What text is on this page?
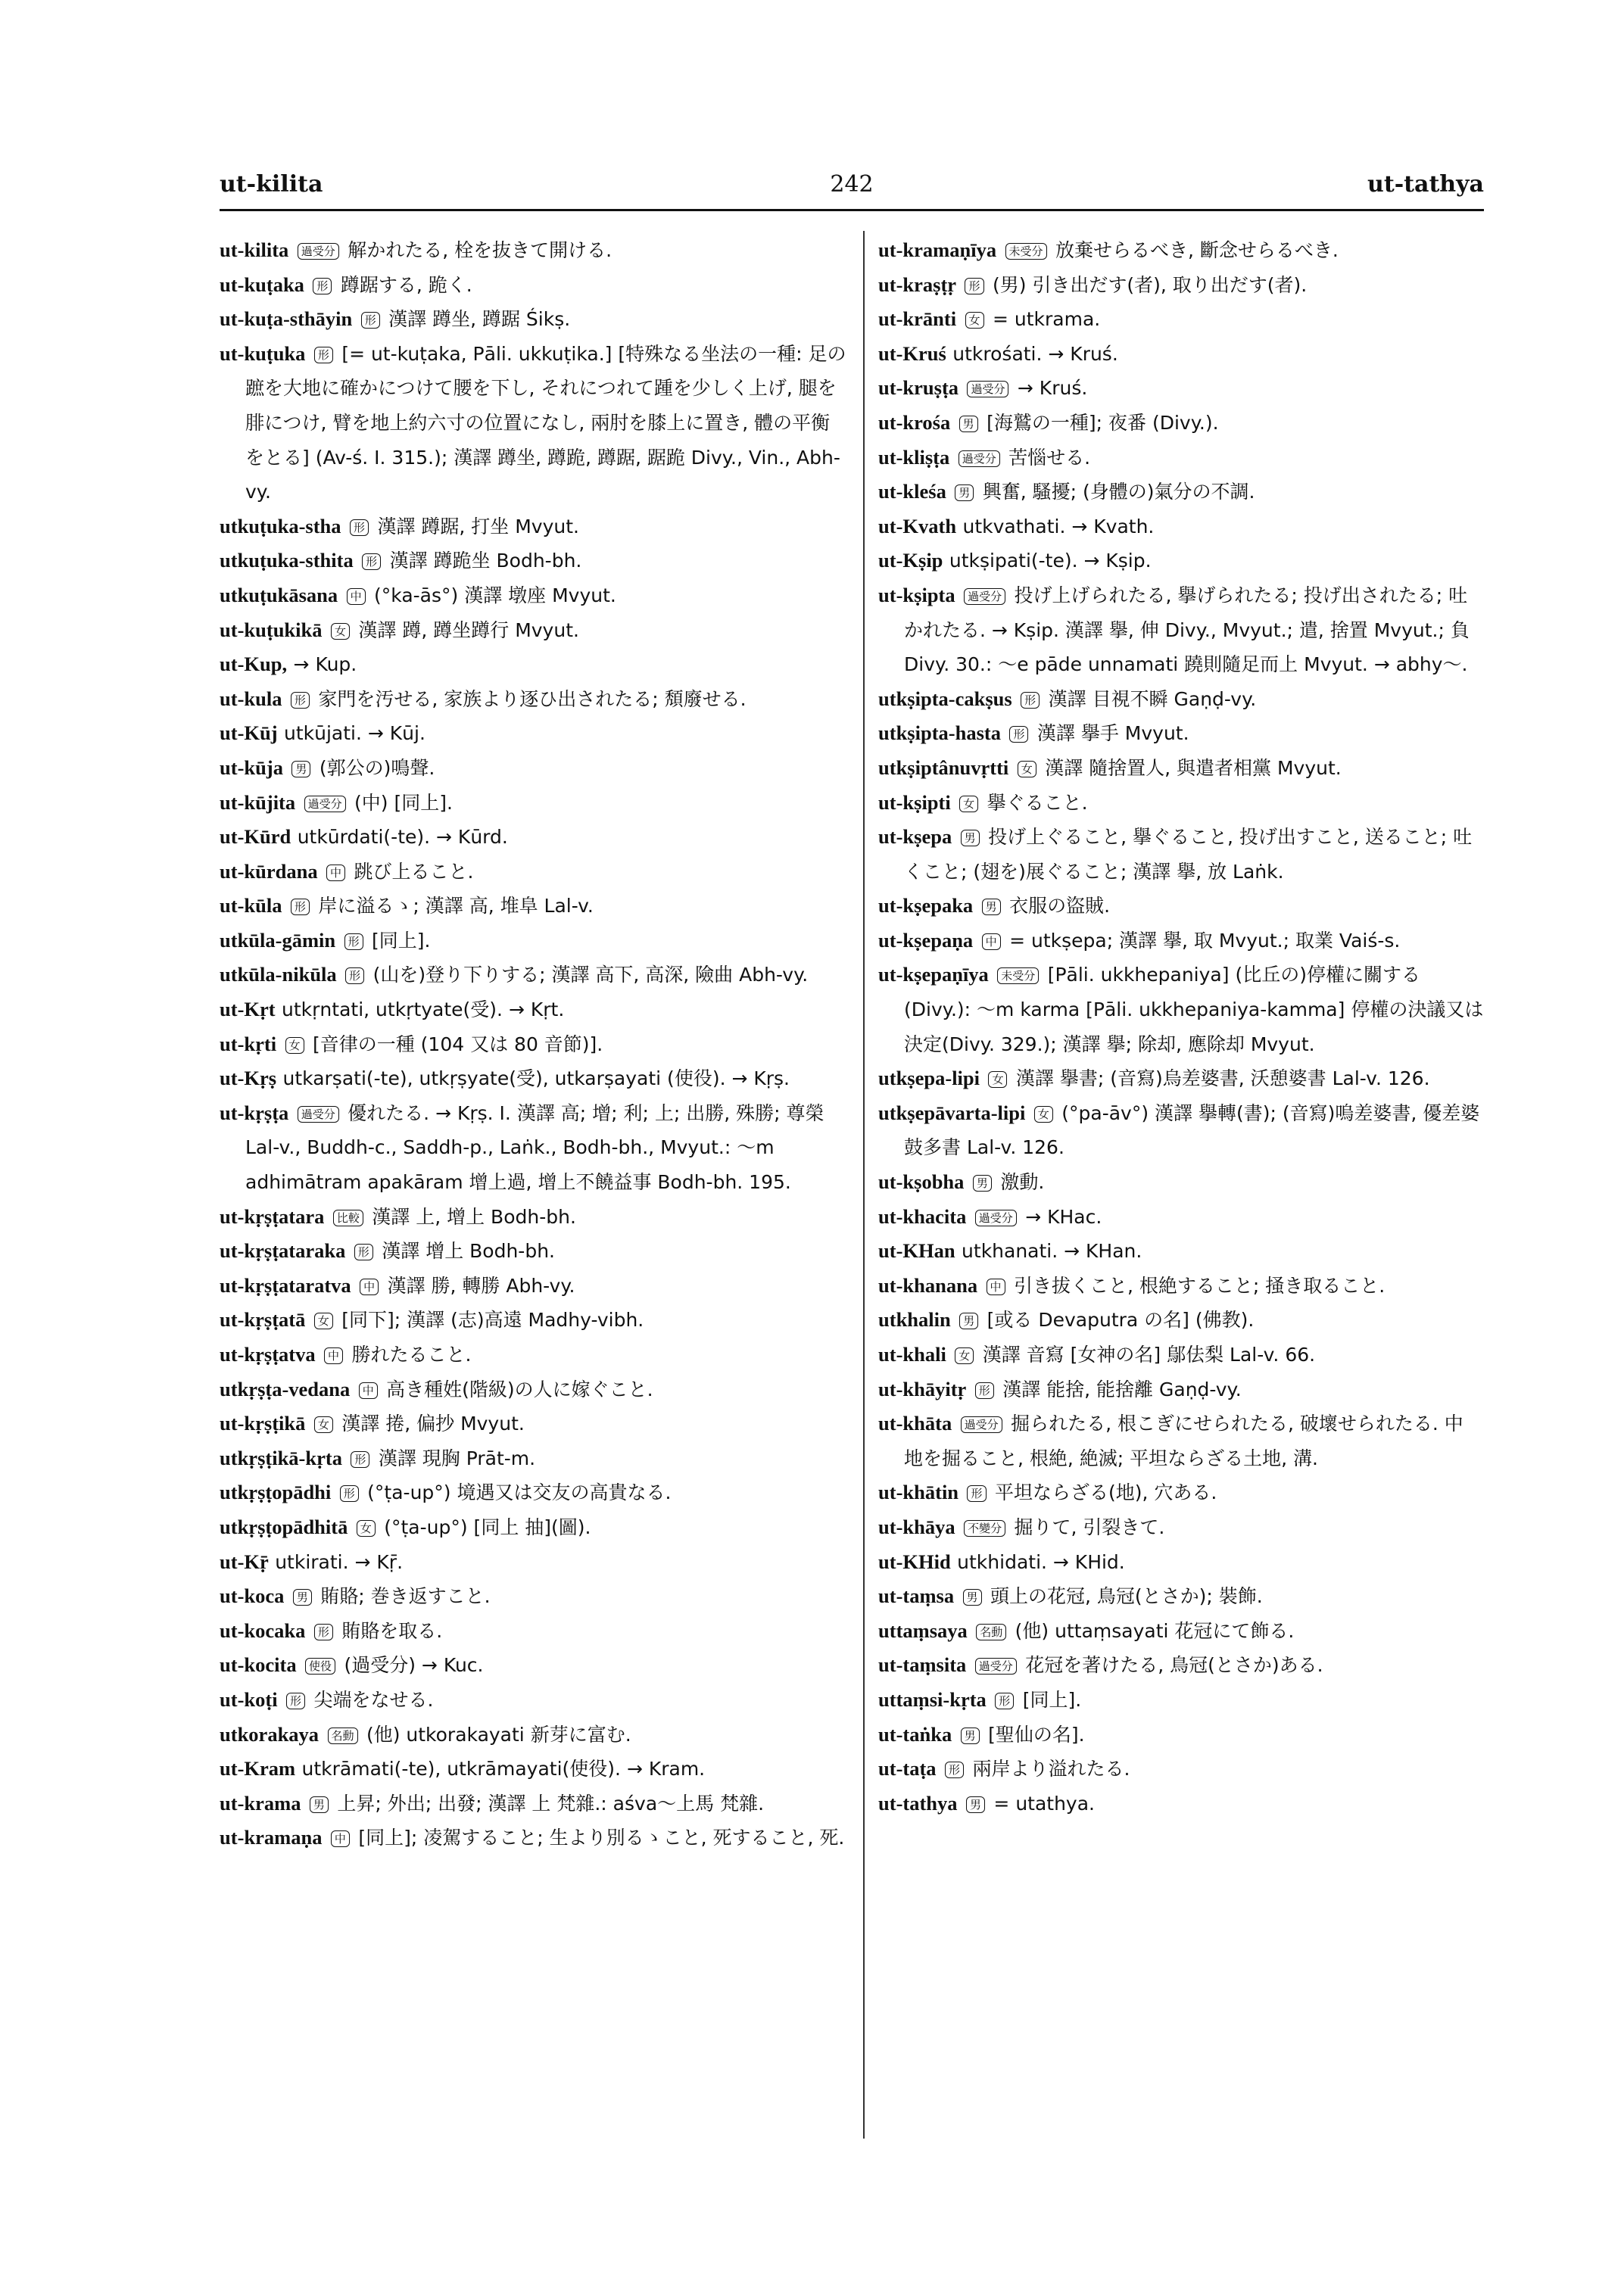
ut-kilita	242	ut-tathya
ut-kilita 過受分 解かれたる, 栓を抜きて開ける.
ut-kuṭaka 形 蹲踞する, 跪く.
ut-kuṭa-sthāyin 形 漢譯 蹲坐, 蹲踞 Śikṣ.
ut-kuṭuka 形 [= ut-kuṭaka, Pāli. ukkuṭika.] [特殊なる坐法の一種: 足の蹠を大地に確かにつけて腰を下し, それにつれて踵を少しく上げ, 腿を腓につけ, 臂を地上約六寸の位置になし, 兩肘を膝上に置き, 體の平衡をとる] (Av-ś. I. 315.); 漢譯 蹲坐, 蹲跪, 蹲踞, 踞跪 Divy., Vin., Abh-vy.
utkuṭuka-stha 形 漢譯 蹲踞, 打坐 Mvyut.
utkuṭuka-sthita 形 漢譯 蹲跪坐 Bodh-bh.
utkuṭukāsana 中 (°ka-ās°) 漢譯 墩座 Mvyut.
ut-kuṭukikā 女 漢譯 蹲, 蹲坐蹲行 Mvyut.
ut-Kup, → Kup.
ut-kula 形 家門を汚せる, 家族より逐ひ出されたる; 頽廢せる.
ut-Kūj utkūjati. → Kūj.
ut-kūja 男 (郭公の)鳴聲.
ut-kūjita 過受分 (中) [同上].
ut-Kūrd utkūrdati(-te). → Kūrd.
ut-kūrdana 中 跳び上ること.
ut-kūla 形 岸に溢るゝ; 漢譯 高, 堆阜 Lal-v.
utkūla-gāmin 形 [同上].
utkūla-nikūla 形 (山を)登り下りする; 漢譯 高下, 高深, 險曲 Abh-vy.
ut-Kṛt utkṛntati, utkṛtyate(受). → Kṛt.
ut-kṛti 女 [音律の一種 (104 又は 80 音節)].
ut-Kṛṣ utkarṣati(-te), utkṛṣyate(受), utkarṣayati (使役). → Kṛṣ.
ut-kṛṣṭa 過受分 優れたる. → Kṛṣ. I. 漢譯 高; 增; 利; 上; 出勝, 殊勝; 尊榮 Lal-v., Buddh-c., Saddh-p., Laṅk., Bodh-bh., Mvyut.: ～m adhimātram apakāram 增上過, 增上不饒益事 Bodh-bh. 195.
ut-kṛṣṭatara 比較 漢譯 上, 增上 Bodh-bh.
ut-kṛṣṭataraka 形 漢譯 增上 Bodh-bh.
ut-kṛṣṭataratva 中 漢譯 勝, 轉勝 Abh-vy.
ut-kṛṣṭatā 女 [同下]; 漢譯 (志)高遠 Madhy-vibh.
ut-kṛṣṭatva 中 勝れたること.
utkṛṣṭa-vedana 中 高き種姓(階級)の人に嫁ぐこと.
ut-kṛṣṭikā 女 漢譯 捲, 偏抄 Mvyut.
utkṛṣṭikā-kṛta 形 漢譯 現胸 Prāt-m.
utkṛṣṭopādhi 形 (°ṭa-up°) 境遇又は交友の高貴なる.
utkṛṣṭopādhitā 女 (°ṭa-up°) [同上 抽](圖).
ut-Kṝ utkirati. → Kṝ.
ut-koca 男 賄賂; 巻き返すこと.
ut-kocaka 形 賄賂を取る.
ut-kocita 使役 (過受分) → Kuc.
ut-koṭi 形 尖端をなせる.
utkorakaya 名動 (他) utkorakayati 新芽に富む.
ut-Kram utkrāmati(-te), utkrāmayati(使役). → Kram.
ut-krama 男 上昇; 外出; 出發; 漢譯 上 梵雜.: aśva～上馬 梵雜.
ut-kramaṇa 中 [同上]; 凌駕すること; 生より別るゝこと, 死すること, 死.
ut-kramaṇīya 未受分 放棄せらるべき, 斷念せらるべき.
ut-kraṣṭṛ 形 (男) 引き出だす(者), 取り出だす(者).
ut-krānti 女 = utkrama.
ut-Kruś utkrośati. → Kruś.
ut-kruṣṭa 過受分 → Kruś.
ut-krośa 男 [海鷲の一種]; 夜番 (Divy.).
ut-kliṣṭa 過受分 苦惱せる.
ut-kleśa 男 興奮, 騷擾; (身體の)氣分の不調.
ut-Kvath utkvathati. → Kvath.
ut-Kṣip utkṣipati(-te). → Kṣip.
ut-kṣipta 過受分 投げ上げられたる, 擧げられたる; 投げ出されたる; 吐かれたる. → Kṣip. 漢譯 擧, 伸 Divy., Mvyut.; 遣, 捨置 Mvyut.; 負 Divy. 30.: ～e pāde unnamati 蹺則隨足而上 Mvyut. → abhy～.
utkṣipta-cakṣus 形 漢譯 目視不瞬 Gaṇḍ-vy.
utkṣipta-hasta 形 漢譯 擧手 Mvyut.
utkṣiptânuvṛtti 女 漢譯 隨捨置人, 與遣者相黨 Mvyut.
ut-kṣipti 女 擧ぐること.
ut-kṣepa 男 投げ上ぐること, 擧ぐること, 投げ出すこと, 送ること; 吐くこと; (翅を)展ぐること; 漢譯 擧, 放 Laṅk.
ut-kṣepaka 男 衣服の盜賊.
ut-kṣepaṇa 中 = utkṣepa; 漢譯 擧, 取 Mvyut.; 取業 Vaiś-s.
ut-kṣepaṇīya 未受分 [Pāli. ukkhepaniya] (比丘の)停權に關する (Divy.): ～m karma [Pāli. ukkhepaniya-kamma] 停權の決議又は決定(Divy. 329.); 漢譯 擧; 除却, 應除却 Mvyut.
utkṣepa-lipi 女 漢譯 擧書; (音寫)烏差婆書, 沃憩婆書 Lal-v. 126.
utkṣepāvarta-lipi 女 (°pa-āv°) 漢譯 擧轉(書); (音寫)嗚差婆書, 優差婆鼓多書 Lal-v. 126.
ut-kṣobha 男 激動.
ut-khacita 過受分 → KHac.
ut-KHan utkhanati. → KHan.
ut-khanana 中 引き拔くこと, 根絶すること; 掻き取ること.
utkhalin 男 [或る Devaputra の名] (佛教).
ut-khali 女 漢譯 音寫 [女神の名] 鄔佉梨 Lal-v. 66.
ut-khāyitṛ 形 漢譯 能捨, 能捨離 Gaṇḍ-vy.
ut-khāta 過受分 掘られたる, 根こぎにせられたる, 破壞せられたる. 中 地を掘ること, 根絶, 絶滅; 平坦ならざる土地, 溝.
ut-khātin 形 平坦ならざる(地), 穴ある.
ut-khāya 不變分 掘りて, 引裂きて.
ut-KHid utkhidati. → KHid.
ut-taṃsa 男 頭上の花冠, 鳥冠(とさか); 裝飾.
uttaṃsaya 名動 (他) uttaṃsayati 花冠にて飾る.
ut-taṃsita 過受分 花冠を著けたる, 鳥冠(とさか)ある.
uttaṃsi-kṛta 形 [同上].
ut-taṅka 男 [聖仙の名].
ut-taṭa 形 兩岸より溢れたる.
ut-tathya 男 = utathya.
